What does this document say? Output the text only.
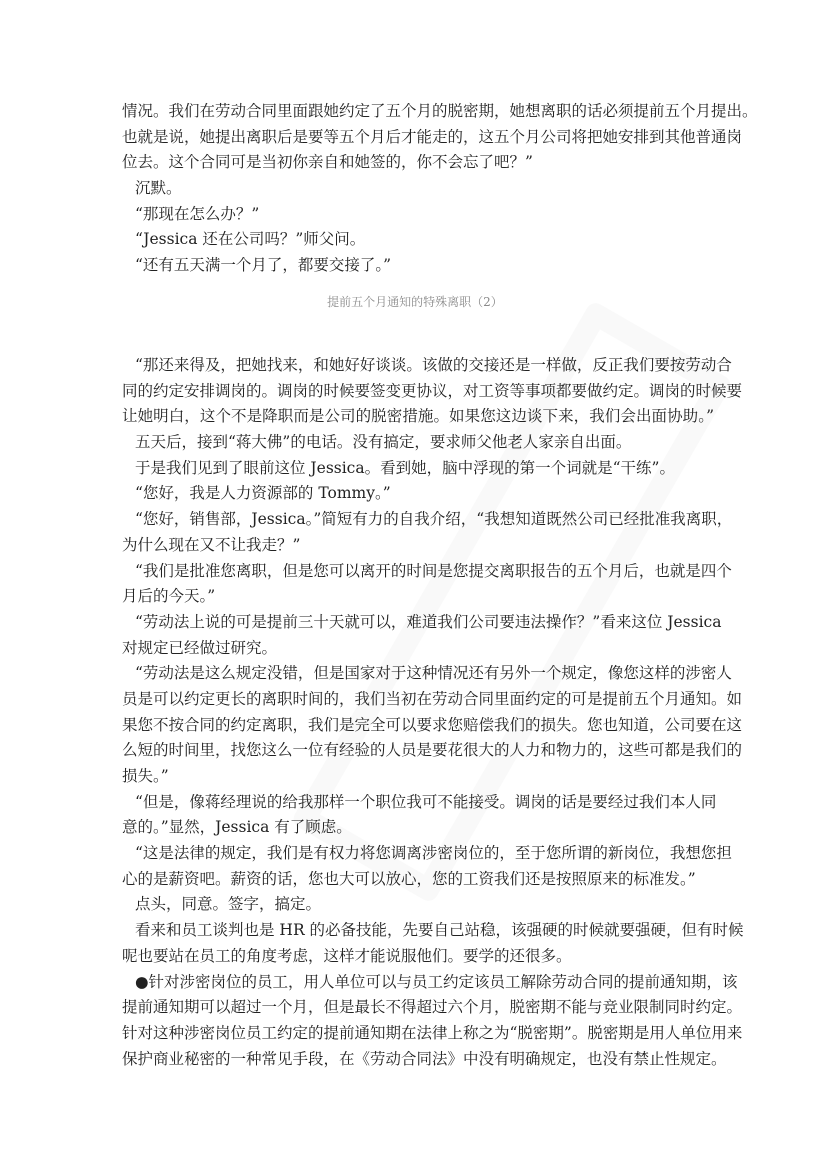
情况。我们在劳动合同里面跟她约定了五个月的脱密期，她想离职的话必须提前五个月提出。
也就是说，她提出离职后是要等五个月后才能走的，这五个月公司将把她安排到其他普通岗
位去。这个合同可是当初你亲自和她签的，你不会忘了吧？”
沉默。
“那现在怎么办？”
“Jessica 还在公司吗？”师父问。
“还有五天满一个月了，都要交接了。”
提前五个月通知的特殊离职（2）
“那还来得及，把她找来，和她好好谈谈。该做的交接还是一样做，反正我们要按劳动合
同的约定安排调岗的。调岗的时候要签变更协议，对工资等事项都要做约定。调岗的时候要
让她明白，这个不是降职而是公司的脱密措施。如果您这边谈下来，我们会出面协助。”
五天后，接到“蒋大佛”的电话。没有搞定，要求师父他老人家亲自出面。
于是我们见到了眼前这位 Jessica。看到她，脑中浮现的第一个词就是“干练”。
“您好，我是人力资源部的 Tommy。”
“您好，销售部，Jessica。”简短有力的自我介绍，“我想知道既然公司已经批准我离职，
为什么现在又不让我走？”
“我们是批准您离职，但是您可以离开的时间是您提交离职报告的五个月后，也就是四个
月后的今天。”
“劳动法上说的可是提前三十天就可以，难道我们公司要违法操作？”看来这位 Jessica
对规定已经做过研究。
“劳动法是这么规定没错，但是国家对于这种情况还有另外一个规定，像您这样的涉密人
员是可以约定更长的离职时间的，我们当初在劳动合同里面约定的可是提前五个月通知。如
果您不按合同的约定离职，我们是完全可以要求您赔偿我们的损失。您也知道，公司要在这
么短的时间里，找您这么一位有经验的人员是要花很大的人力和物力的，这些可都是我们的
损失。”
“但是，像蒋经理说的给我那样一个职位我可不能接受。调岗的话是要经过我们本人同
意的。”显然，Jessica 有了顾虑。
“这是法律的规定，我们是有权力将您调离涉密岗位的，至于您所谓的新岗位，我想您担
心的是薪资吧。薪资的话，您也大可以放心，您的工资我们还是按照原来的标准发。”
点头，同意。签字，搞定。
看来和员工谈判也是 HR 的必备技能，先要自己站稳，该强硬的时候就要强硬，但有时候
呢也要站在员工的角度考虑，这样才能说服他们。要学的还很多。
●针对涉密岗位的员工，用人单位可以与员工约定该员工解除劳动合同的提前通知期，该
提前通知期可以超过一个月，但是最长不得超过六个月，脱密期不能与竞业限制同时约定。
针对这种涉密岗位员工约定的提前通知期在法律上称之为“脱密期”。脱密期是用人单位用来
保护商业秘密的一种常见手段，在《劳动合同法》中没有明确规定，也没有禁止性规定。
